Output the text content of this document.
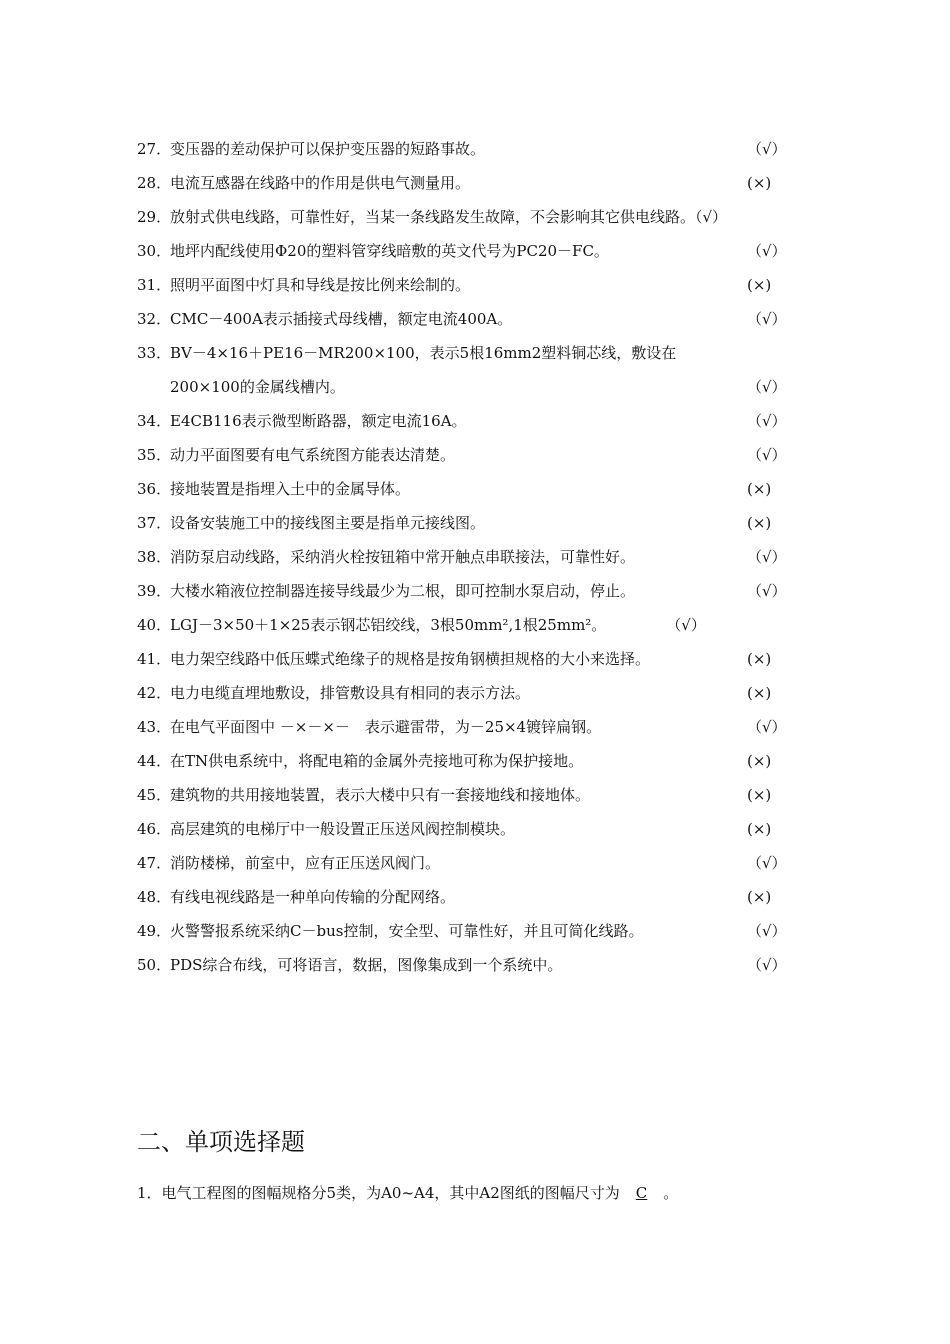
27．变压器的差动保护可以保护变压器的短路事故。	（√）
28．电流互感器在线路中的作用是供电气测量用。	(×)
29．放射式供电线路，可靠性好，当某一条线路发生故障，不会影响其它供电线路。（√）
30．地坪内配线使用Φ20的塑料管穿线暗敷的英文代号为PC20－FC。	（√）
31．照明平面图中灯具和导线是按比例来绘制的。	(×)
32．CMC－400A表示插接式母线槽，额定电流400A。	（√）
33．BV－4×16＋PE16－MR200×100，表示5根16mm2塑料铜芯线，敷设在
200×100的金属线槽内。	（√）
34．E4CB116表示微型断路器，额定电流16A。	（√）
35．动力平面图要有电气系统图方能表达清楚。	（√）
36．接地装置是指埋入土中的金属导体。	(×)
37．设备安装施工中的接线图主要是指单元接线图。	(×)
38．消防泵启动线路，采纳消火栓按钮箱中常开触点串联接法，可靠性好。	（√）
39．大楼水箱液位控制器连接导线最少为二根，即可控制水泵启动，停止。	（√）
40．LGJ－3×50＋1×25表示钢芯铝绞线，3根50mm²,1根25mm²。　　　　　（√）
41．电力架空线路中低压蝶式绝缘子的规格是按角钢横担规格的大小来选择。	(×)
42．电力电缆直埋地敷设，排管敷设具有相同的表示方法。	(×)
43．在电气平面图中 －×－×－　表示避雷带，为－25×4镀锌扁钢。	（√）
44．在TN供电系统中，将配电箱的金属外壳接地可称为保护接地。	(×)
45．建筑物的共用接地装置，表示大楼中只有一套接地线和接地体。	(×)
46．高层建筑的电梯厅中一般设置正压送风阀控制模块。	(×)
47．消防楼梯，前室中，应有正压送风阀门。	（√）
48．有线电视线路是一种单向传输的分配网络。	(×)
49．火警警报系统采纳C－bus控制，安全型、可靠性好，并且可简化线路。	（√）
50．PDS综合布线，可将语言，数据，图像集成到一个系统中。	（√）
二、单项选择题
1．电气工程图的图幅规格分5类，为A0~A4，其中A2图纸的图幅尺寸为 C 。
